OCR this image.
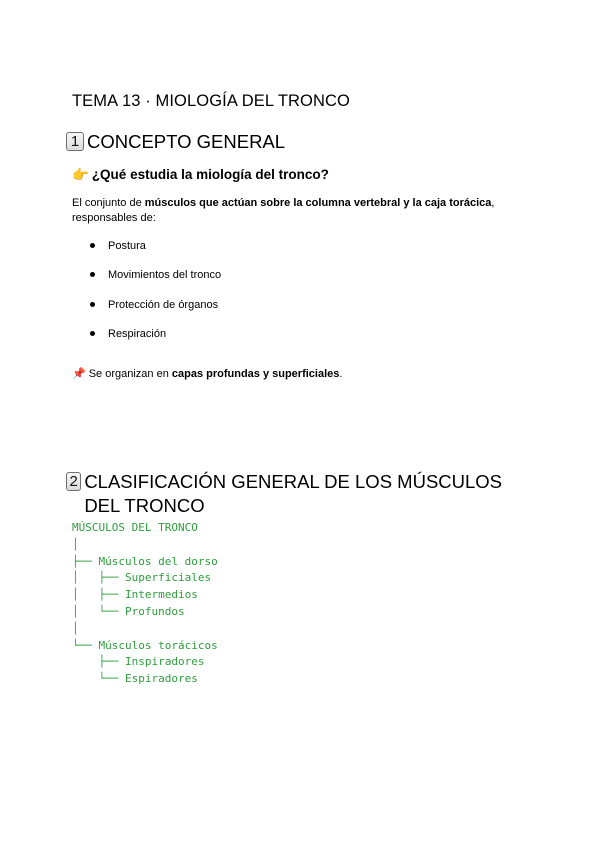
TEMA 13 · MIOLOGÍA DEL TRONCO
1 CONCEPTO GENERAL
👉 ¿Qué estudia la miología del tronco?
El conjunto de músculos que actúan sobre la columna vertebral y la caja torácica, responsables de:
Postura
Movimientos del tronco
Protección de órganos
Respiración
📌 Se organizan en capas profundas y superficiales.
2 CLASIFICACIÓN GENERAL DE LOS MÚSCULOS DEL TRONCO
MÚSCULOS DEL TRONCO
│
├── Músculos del dorso
│   ├── Superficiales
│   ├── Intermedios
│   └── Profundos
│
└── Músculos torácicos
├── Inspiradores
└── Espiradores
